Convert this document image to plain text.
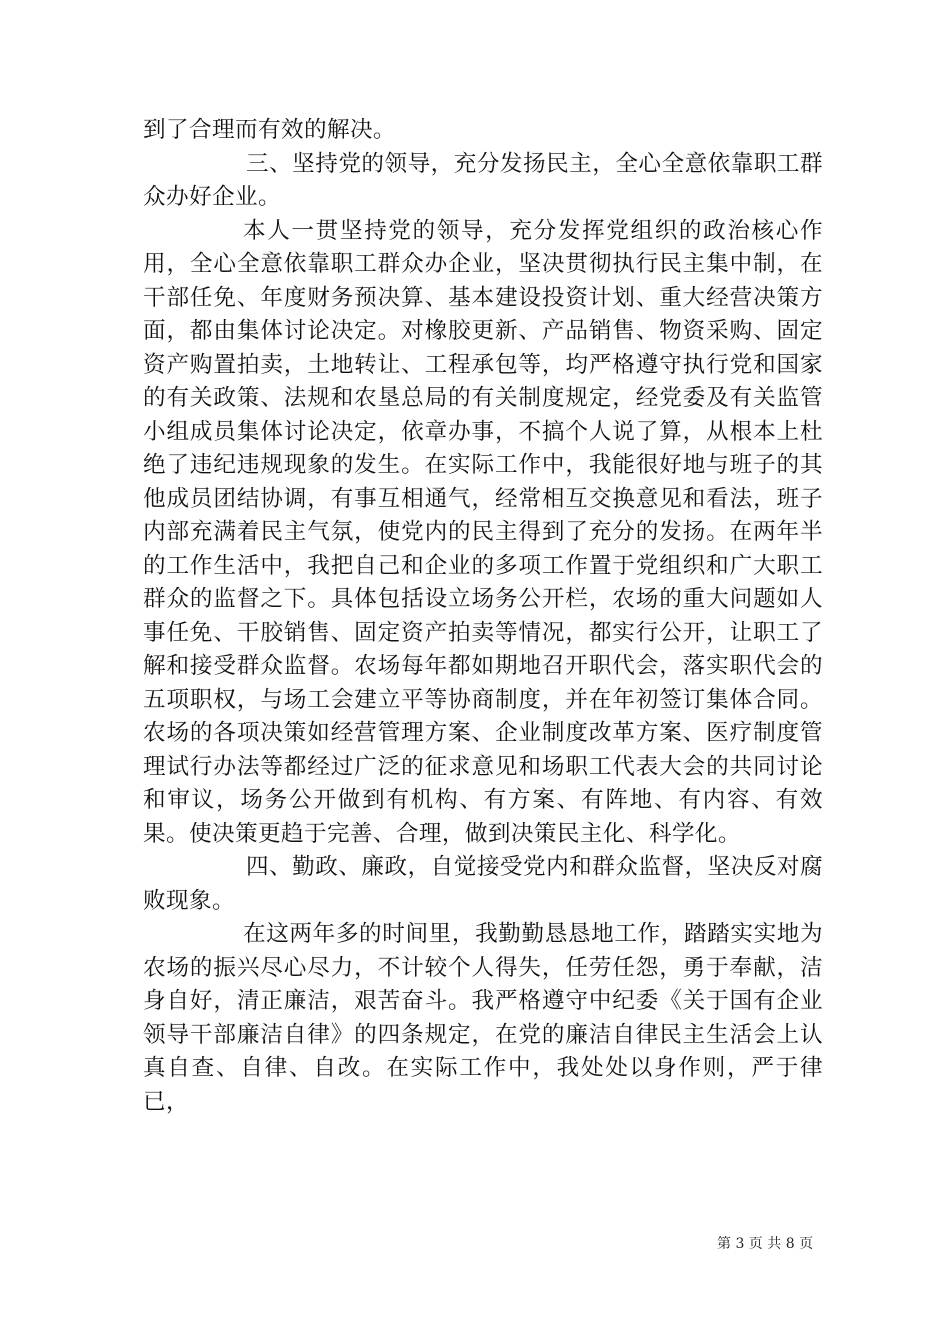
到了合理而有效的解决。

三、坚持党的领导，充分发扬民主，全心全意依靠职工群众办好企业。

本人一贯坚持党的领导，充分发挥党组织的政治核心作用，全心全意依靠职工群众办企业，坚决贯彻执行民主集中制，在干部任免、年度财务预决算、基本建设投资计划、重大经营决策方面，都由集体讨论决定。对橡胶更新、产品销售、物资采购、固定资产购置拍卖，土地转让、工程承包等，均严格遵守执行党和国家的有关政策、法规和农垦总局的有关制度规定，经党委及有关监管小组成员集体讨论决定，依章办事，不搞个人说了算，从根本上杜绝了违纪违规现象的发生。在实际工作中，我能很好地与班子的其他成员团结协调，有事互相通气，经常相互交换意见和看法，班子内部充满着民主气氛，使党内的民主得到了充分的发扬。在两年半的工作生活中，我把自己和企业的多项工作置于党组织和广大职工群众的监督之下。具体包括设立场务公开栏，农场的重大问题如人事任免、干胶销售、固定资产拍卖等情况，都实行公开，让职工了解和接受群众监督。农场每年都如期地召开职代会，落实职代会的五项职权，与场工会建立平等协商制度，并在年初签订集体合同。农场的各项决策如经营管理方案、企业制度改革方案、医疗制度管理试行办法等都经过广泛的征求意见和场职工代表大会的共同讨论和审议，场务公开做到有机构、有方案、有阵地、有内容、有效果。使决策更趋于完善、合理，做到决策民主化、科学化。

四、勤政、廉政，自觉接受党内和群众监督，坚决反对腐败现象。

在这两年多的时间里，我勤勤恳恳地工作，踏踏实实地为农场的振兴尽心尽力，不计较个人得失，任劳任怨，勇于奉献，洁身自好，清正廉洁，艰苦奋斗。我严格遵守中纪委《关于国有企业领导干部廉洁自律》的四条规定，在党的廉洁自律民主生活会上认真自查、自律、自改。在实际工作中，我处处以身作则，严于律已，

第 3 页 共 8 页
